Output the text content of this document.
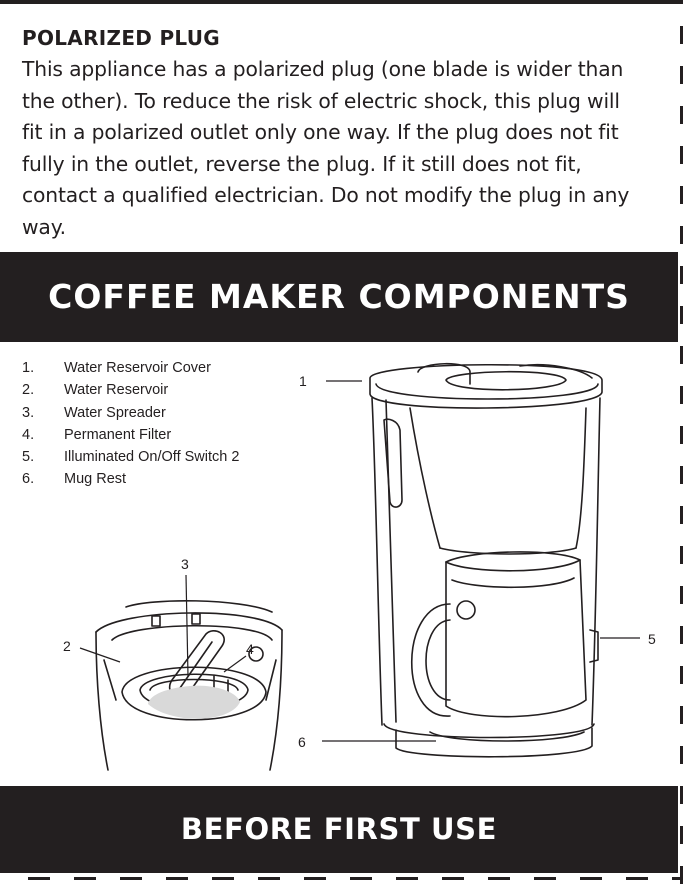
POLARIZED PLUG

This appliance has a polarized plug (one blade is wider than the other). To reduce the risk of electric shock, this plug will fit in a polarized outlet only one way. If the plug does not fit fully in the outlet, reverse the plug. If it still does not fit, contact a qualified electrician. Do not modify the plug in any way.

COFFEE MAKER COMPONENTS
1. Water Reservoir Cover
2. Water Reservoir
3. Water Spreader
4. Permanent Filter
5. Illuminated On/Off Switch 2
6. Mug Rest
1
2
3
4
5
6
BEFORE FIRST USE
